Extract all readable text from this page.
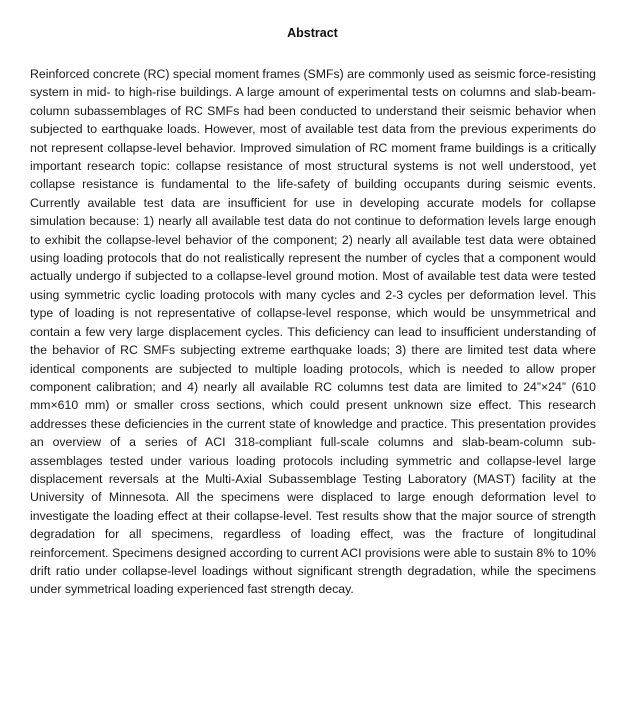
Abstract

Reinforced concrete (RC) special moment frames (SMFs) are commonly used as seismic force-resisting system in mid- to high-rise buildings. A large amount of experimental tests on columns and slab-beam-column subassemblages of RC SMFs had been conducted to understand their seismic behavior when subjected to earthquake loads. However, most of available test data from the previous experiments do not represent collapse-level behavior. Improved simulation of RC moment frame buildings is a critically important research topic: collapse resistance of most structural systems is not well understood, yet collapse resistance is fundamental to the life-safety of building occupants during seismic events. Currently available test data are insufficient for use in developing accurate models for collapse simulation because: 1) nearly all available test data do not continue to deformation levels large enough to exhibit the collapse-level behavior of the component; 2) nearly all available test data were obtained using loading protocols that do not realistically represent the number of cycles that a component would actually undergo if subjected to a collapse-level ground motion. Most of available test data were tested using symmetric cyclic loading protocols with many cycles and 2-3 cycles per deformation level. This type of loading is not representative of collapse-level response, which would be unsymmetrical and contain a few very large displacement cycles. This deficiency can lead to insufficient understanding of the behavior of RC SMFs subjecting extreme earthquake loads; 3) there are limited test data where identical components are subjected to multiple loading protocols, which is needed to allow proper component calibration; and 4) nearly all available RC columns test data are limited to 24”×24” (610 mm×610 mm) or smaller cross sections, which could present unknown size effect. This research addresses these deficiencies in the current state of knowledge and practice. This presentation provides an overview of a series of ACI 318-compliant full-scale columns and slab-beam-column sub-assemblages tested under various loading protocols including symmetric and collapse-level large displacement reversals at the Multi-Axial Subassemblage Testing Laboratory (MAST) facility at the University of Minnesota. All the specimens were displaced to large enough deformation level to investigate the loading effect at their collapse-level. Test results show that the major source of strength degradation for all specimens, regardless of loading effect, was the fracture of longitudinal reinforcement. Specimens designed according to current ACI provisions were able to sustain 8% to 10% drift ratio under collapse-level loadings without significant strength degradation, while the specimens under symmetrical loading experienced fast strength decay.
